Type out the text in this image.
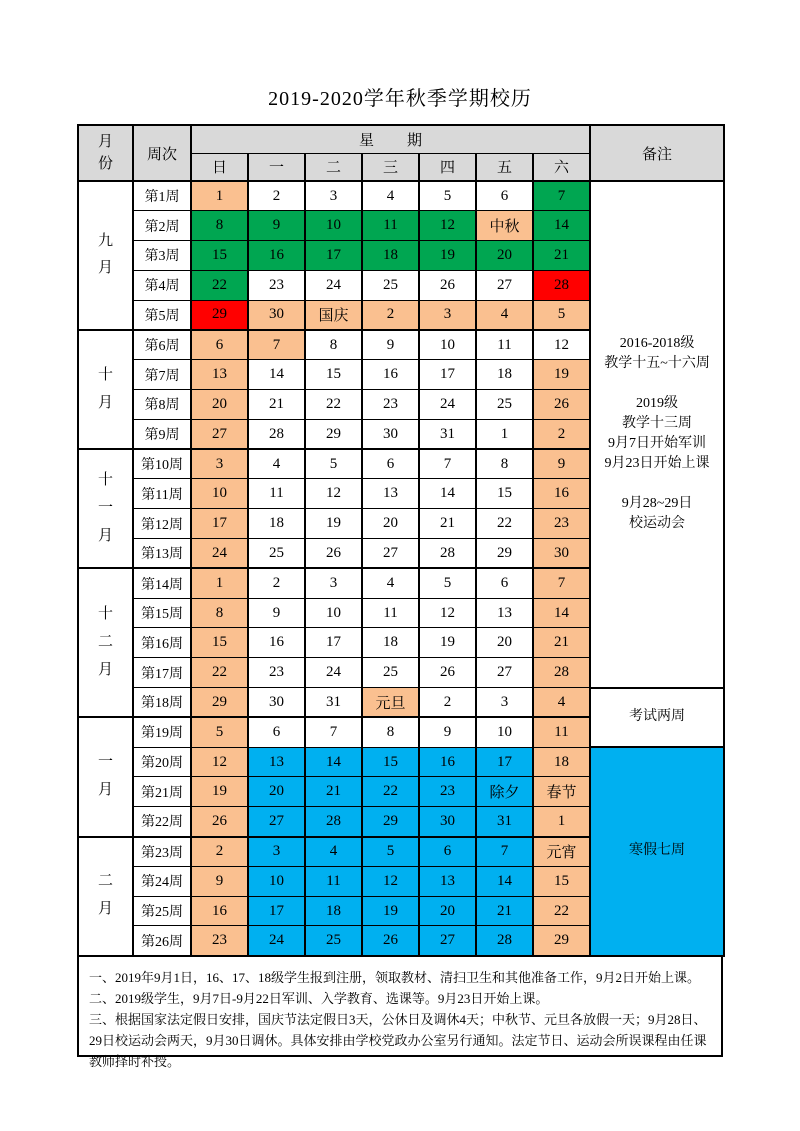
2019-2020学年秋季学期校历
月份	周次	星期							备注
		日	一	二	三	四	五	六	
九月	第1周	1	2	3	4	5	6	7	
2016-2018级
教学十五~十六周

2019级
教学十三周
9月7日开始军训
9月23日开始上课

9月28~29日
校运动会

	第2周	8	9	10	11	12	中秋	14	
	第3周	15	16	17	18	19	20	21	
	第4周	22	23	24	25	26	27	28	
	第5周	29	30	国庆	2	3	4	5	
十月	第6周	6	7	8	9	10	11	12	
	第7周	13	14	15	16	17	18	19	
	第8周	20	21	22	23	24	25	26	
	第9周	27	28	29	30	31	1	2	
十一月	第10周	3	4	5	6	7	8	9	
	第11周	10	11	12	13	14	15	16	
	第12周	17	18	19	20	21	22	23	
	第13周	24	25	26	27	28	29	30	
十二月	第14周	1	2	3	4	5	6	7	
	第15周	8	9	10	11	12	13	14	
	第16周	15	16	17	18	19	20	21	
	第17周	22	23	24	25	26	27	28	
	第18周	29	30	31	元旦	2	3	4	考试两周

一月	第19周	5	6	7	8	9	10	11	
	第20周	12	13	14	15	16	17	18	寒假七周

	第21周	19	20	21	22	23	除夕	春节	
	第22周	26	27	28	29	30	31	1	
二月	第23周	2	3	4	5	6	7	元宵	
	第24周	9	10	11	12	13	14	15	
	第25周	16	17	18	19	20	21	22	
	第26周	23	24	25	26	27	28	29	
一、2019年9月1日，16、17、18级学生报到注册，领取教材、清扫卫生和其他准备工作，9月2日开始上课。
二、2019级学生，9月7日-9月22日军训、入学教育、选课等。9月23日开始上课。
三、根据国家法定假日安排，国庆节法定假日3天，公休日及调休4天；中秋节、元旦各放假一天；9月28日、29日校运动会两天，9月30日调休。具体安排由学校党政办公室另行通知。法定节日、运动会所误课程由任课教师择时补授。
